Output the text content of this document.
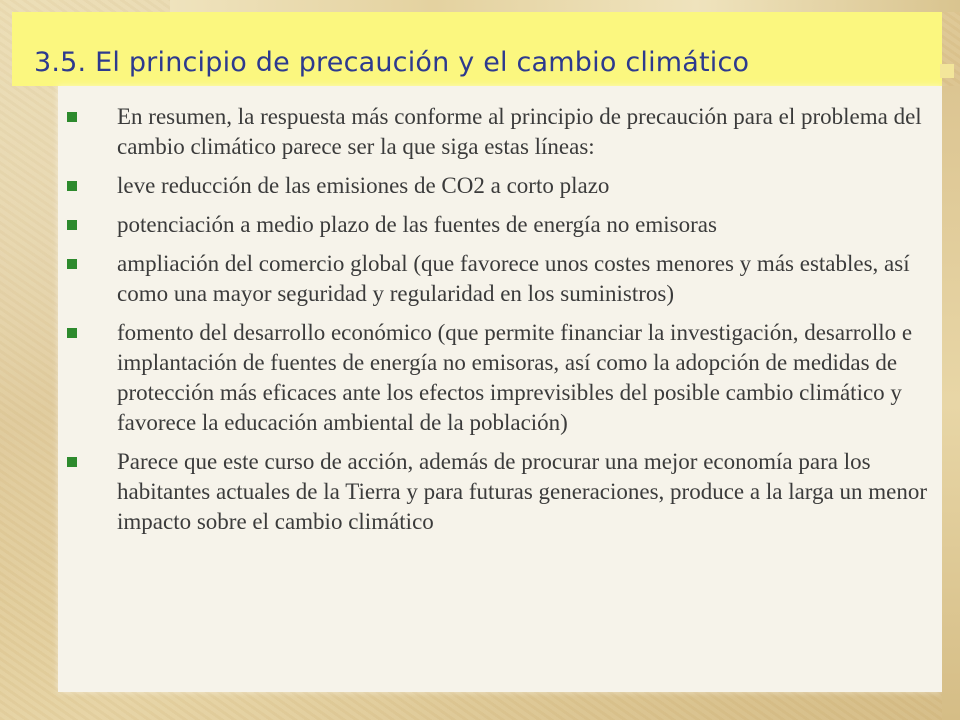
3.5. El principio de precaución y el cambio climático
En resumen, la respuesta más conforme al principio de precaución para el problema del cambio climático parece ser la que siga estas líneas:
leve reducción de las emisiones de CO2 a corto plazo
potenciación a medio plazo de las fuentes de energía no emisoras
ampliación del comercio global (que favorece unos costes menores y más estables, así como una mayor seguridad y regularidad en los suministros)
fomento del desarrollo económico (que permite financiar la investigación, desarrollo e implantación de fuentes de energía no emisoras, así como la adopción de medidas de protección más eficaces ante los efectos imprevisibles del posible cambio climático y favorece la educación ambiental de la población)
Parece que este curso de acción, además de procurar una mejor economía para los habitantes actuales de la Tierra y para futuras generaciones, produce a la larga un menor impacto sobre el cambio climático
